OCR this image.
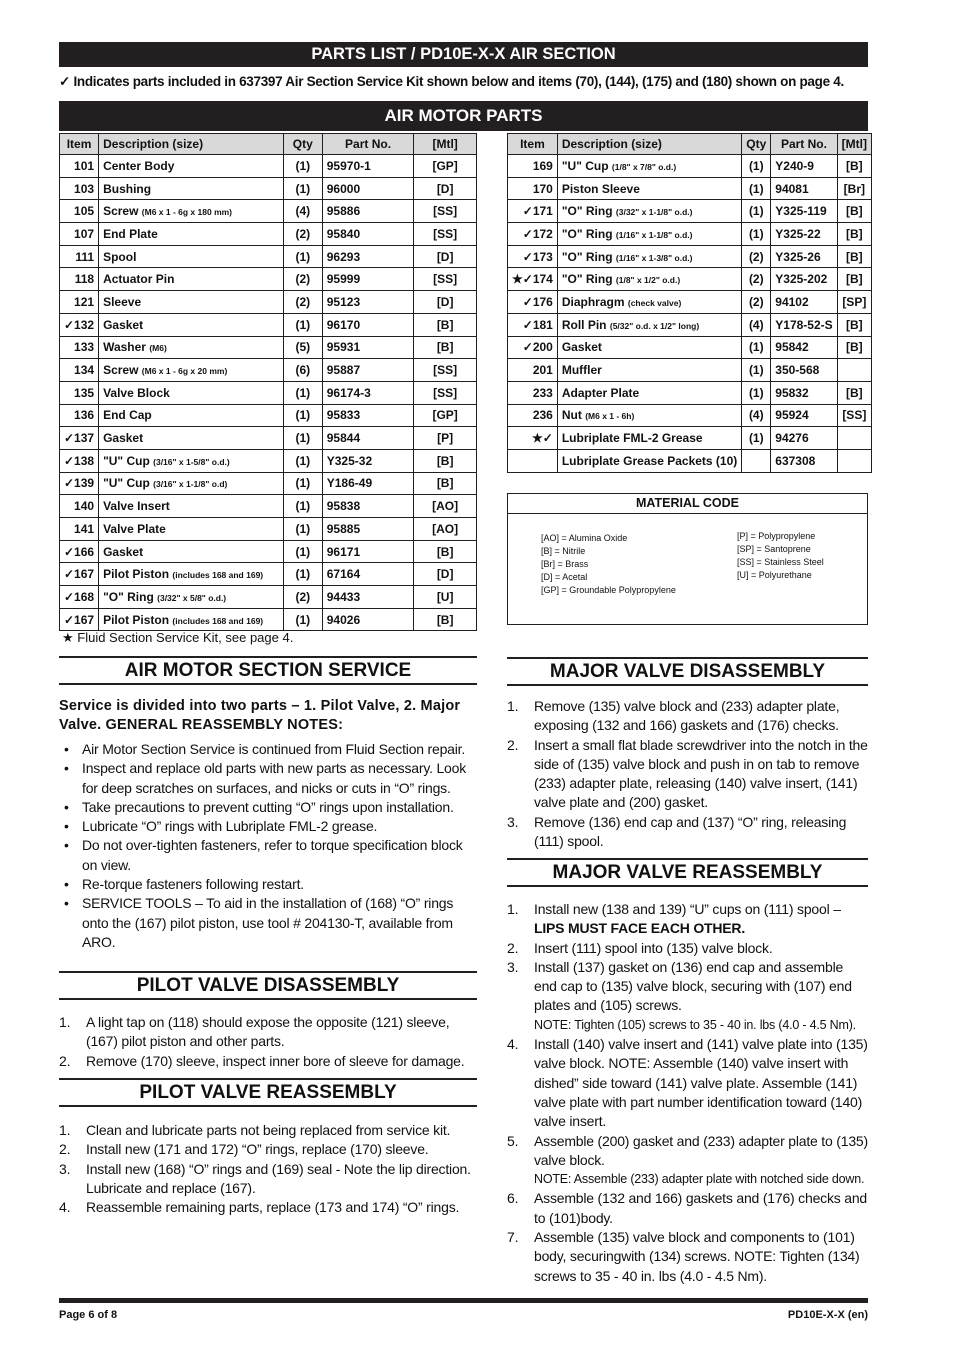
PARTS LIST / PD10E-X-X AIR SECTION
✓ Indicates parts included in 637397 Air Section Service Kit shown below and items (70), (144), (175) and (180) shown on page 4.
AIR MOTOR PARTS
Item	Description (size)	Qty	Part No.	[Mtl]
101	Center Body	(1)	95970-1	[GP]
103	Bushing	(1)	96000	[D]
105	Screw (M6 x 1 - 6g x 180 mm)	(4)	95886	[SS]
107	End Plate	(2)	95840	[SS]
111	Spool	(1)	96293	[D]
118	Actuator Pin	(2)	95999	[SS]
121	Sleeve	(2)	95123	[D]
✓132	Gasket	(1)	96170	[B]
133	Washer (M6)	(5)	95931	[B]
134	Screw (M6 x 1 - 6g x 20 mm)	(6)	95887	[SS]
135	Valve Block	(1)	96174-3	[SS]
136	End Cap	(1)	95833	[GP]
✓137	Gasket	(1)	95844	[P]
✓138	"U" Cup (3/16" x 1-5/8" o.d.)	(1)	Y325-32	[B]
✓139	"U" Cup (3/16" x 1-1/8" o.d)	(1)	Y186-49	[B]
140	Valve Insert	(1)	95838	[AO]
141	Valve Plate	(1)	95885	[AO]
✓166	Gasket	(1)	96171	[B]
✓167	Pilot Piston (includes 168 and 169)	(1)	67164	[D]
✓168	"O" Ring (3/32" x 5/8" o.d.)	(2)	94433	[U]
✓167	Pilot Piston (includes 168 and 169)	(1)	94026	[B]
Item	Description (size)	Qty	Part No.	[Mtl]
169	"U" Cup (1/8" x 7/8" o.d.)	(1)	Y240-9	[B]
170	Piston Sleeve	(1)	94081	[Br]
✓171	"O" Ring (3/32" x 1-1/8" o.d.)	(1)	Y325-119	[B]
✓172	"O" Ring (1/16" x 1-1/8" o.d.)	(1)	Y325-22	[B]
✓173	"O" Ring (1/16" x 1-3/8" o.d.)	(2)	Y325-26	[B]
★✓174	"O" Ring (1/8" x 1/2" o.d.)	(2)	Y325-202	[B]
✓176	Diaphragm (check valve)	(2)	94102	[SP]
✓181	Roll Pin (5/32" o.d. x 1/2" long)	(4)	Y178-52-S	[B]
✓200	Gasket	(1)	95842	[B]
201	Muffler	(1)	350-568	
233	Adapter Plate	(1)	95832	[B]
236	Nut (M6 x 1 - 6h)	(4)	95924	[SS]
★✓	Lubriplate FML-2 Grease	(1)	94276	
	Lubriplate Grease Packets (10)		637308	
MATERIAL CODE
[AO] = Alumina Oxide
[B] = Nitrile
[Br] = Brass
[D] = Acetal
[GP] = Groundable Polypropylene
[P] = Polypropylene
[SP] = Santoprene
[SS] = Stainless Steel
[U] = Polyurethane
★ Fluid Section Service Kit, see page 4.
AIR MOTOR SECTION SERVICE
Service is divided into two parts – 1. Pilot Valve, 2. Major Valve. GENERAL REASSEMBLY NOTES:
• Air Motor Section Service is continued from Fluid Section repair.
• Inspect and replace old parts with new parts as necessary. Look for deep scratches on surfaces, and nicks or cuts in “O” rings.
• Take precautions to prevent cutting “O” rings upon installation.
• Lubricate “O” rings with Lubriplate FML-2 grease.
• Do not over-tighten fasteners, refer to torque specification block on view.
• Re-torque fasteners following restart.
• SERVICE TOOLS – To aid in the installation of (168) “O” rings onto the (167) pilot piston, use tool # 204130-T, available from ARO.
PILOT VALVE DISASSEMBLY
1. A light tap on (118) should expose the opposite (121) sleeve, (167) pilot piston and other parts.
2. Remove (170) sleeve, inspect inner bore of sleeve for damage.
PILOT VALVE REASSEMBLY
1. Clean and lubricate parts not being replaced from service kit.
2. Install new (171 and 172) “O” rings, replace (170) sleeve.
3. Install new (168) “O” rings and (169) seal - Note the lip direction. Lubricate and replace (167).
4. Reassemble remaining parts, replace (173 and 174) “O” rings.
MAJOR VALVE DISASSEMBLY
1. Remove (135) valve block and (233) adapter plate, exposing (132 and 166) gaskets and (176) checks.
2. Insert a small flat blade screwdriver into the notch in the side of (135) valve block and push in on tab to remove (233) adapter plate, releasing (140) valve insert, (141) valve plate and (200) gasket.
3. Remove (136) end cap and (137) “O” ring, releasing (111) spool.
MAJOR VALVE REASSEMBLY
1. Install new (138 and 139) “U” cups on (111) spool – LIPS MUST FACE EACH OTHER.
2. Insert (111) spool into (135) valve block.
3. Install (137) gasket on (136) end cap and assemble end cap to (135) valve block, securing with (107) end plates and (105) screws.
NOTE: Tighten (105) screws to 35 - 40 in. lbs (4.0 - 4.5 Nm).
4. Install (140) valve insert and (141) valve plate into (135) valve block. NOTE: Assemble (140) valve insert with dished” side toward (141) valve plate. Assemble (141) valve plate with part number identification toward (140) valve insert.
5. Assemble (200) gasket and (233) adapter plate to (135) valve block.
NOTE: Assemble (233) adapter plate with notched side down.
6. Assemble (132 and 166) gaskets and (176) checks and to (101)body.
7. Assemble (135) valve block and components to (101) body, securingwith (134) screws. NOTE: Tighten (134) screws to 35 - 40 in. lbs (4.0 - 4.5 Nm).
Page 6 of 8	PD10E-X-X (en)
